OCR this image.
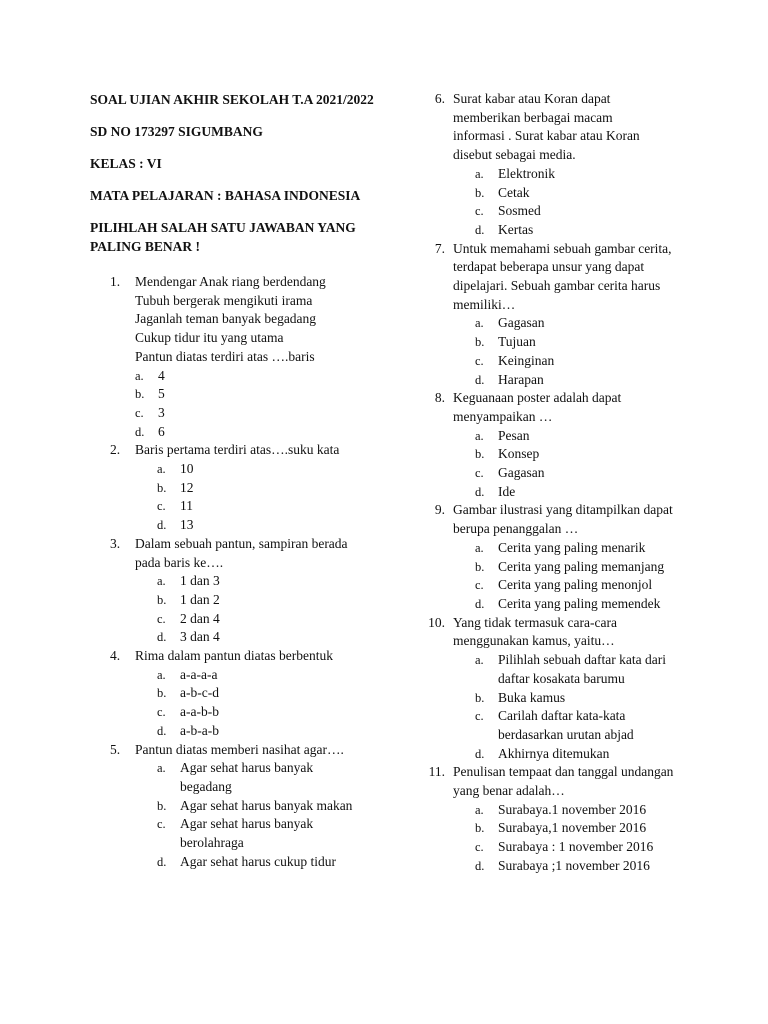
SOAL UJIAN AKHIR SEKOLAH T.A 2021/2022

SD NO 173297 SIGUMBANG

KELAS : VI

MATA PELAJARAN : BAHASA INDONESIA

PILIHLAH SALAH SATU JAWABAN YANG PALING BENAR !

1. Mendengar Anak riang berdendang
Tubuh bergerak mengikuti irama
Jaganlah teman banyak begadang
Cukup tidur itu yang utama
Pantun diatas terdiri atas ….baris
a. 4
b. 5
c. 3
d. 6
2. Baris pertama terdiri atas….suku kata
a. 10
b. 12
c. 11
d. 13
3. Dalam sebuah pantun, sampiran berada
pada baris ke….
a. 1 dan 3
b. 1 dan 2
c. 2 dan 4
d. 3 dan 4
4. Rima dalam pantun diatas berbentuk
a. a-a-a-a
b. a-b-c-d
c. a-a-b-b
d. a-b-a-b
5. Pantun diatas memberi nasihat agar….
a. Agar sehat harus banyak
begadang
b. Agar sehat harus banyak makan
c. Agar sehat harus banyak
berolahraga
d. Agar sehat harus cukup tidur
6. Surat kabar atau Koran dapat
memberikan berbagai macam
informasi . Surat kabar atau Koran
disebut sebagai media.
a. Elektronik
b. Cetak
c. Sosmed
d. Kertas
7. Untuk memahami sebuah gambar cerita,
terdapat beberapa unsur yang dapat
dipelajari. Sebuah gambar cerita harus
memiliki…
a. Gagasan
b. Tujuan
c. Keinginan
d. Harapan
8. Keguanaan poster adalah dapat
menyampaikan …
a. Pesan
b. Konsep
c. Gagasan
d. Ide
9. Gambar ilustrasi yang ditampilkan dapat
berupa penanggalan …
a. Cerita yang paling menarik
b. Cerita yang paling memanjang
c. Cerita yang paling menonjol
d. Cerita yang paling memendek
10. Yang tidak termasuk cara-cara
menggunakan kamus, yaitu…
a. Pilihlah sebuah daftar kata dari
daftar kosakata barumu
b. Buka kamus
c. Carilah daftar kata-kata
berdasarkan urutan abjad
d. Akhirnya ditemukan
11. Penulisan tempaat dan tanggal undangan
yang benar adalah…
a. Surabaya.1 november 2016
b. Surabaya,1 november 2016
c. Surabaya : 1 november 2016
d. Surabaya ;1 november 2016
